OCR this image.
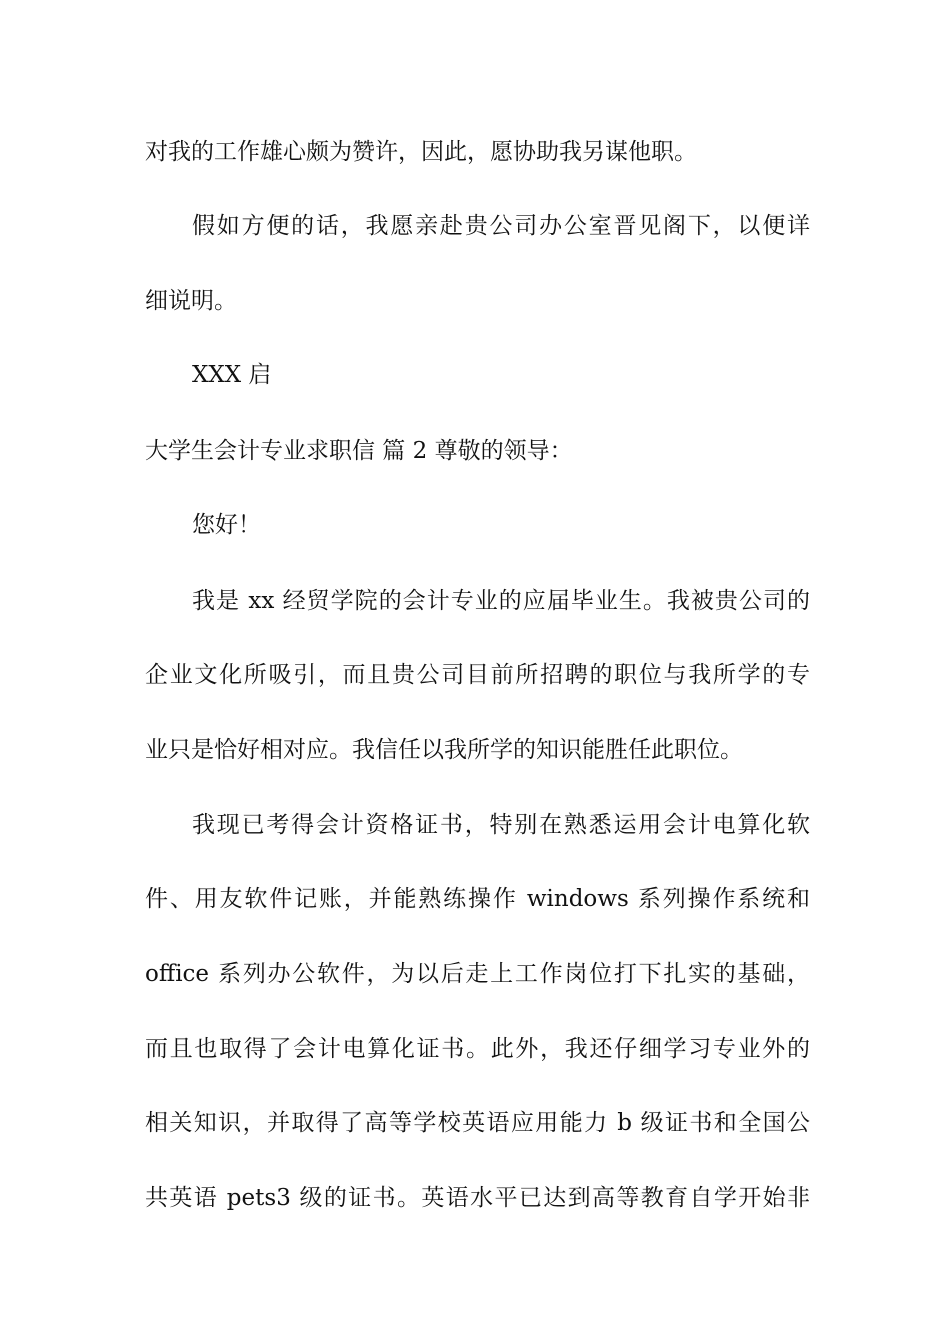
对我的工作雄心颇为赞许，因此，愿协助我另谋他职。
假如方便的话，我愿亲赴贵公司办公室晋见阁下，以便详
细说明。
XXX 启
大学生会计专业求职信 篇 2 尊敬的领导：
您好！
我是 xx 经贸学院的会计专业的应届毕业生。我被贵公司的
企业文化所吸引，而且贵公司目前所招聘的职位与我所学的专
业只是恰好相对应。我信任以我所学的知识能胜任此职位。
我现已考得会计资格证书，特别在熟悉运用会计电算化软
件、用友软件记账，并能熟练操作 windows 系列操作系统和
office 系列办公软件，为以后走上工作岗位打下扎实的基础，
而且也取得了会计电算化证书。此外，我还仔细学习专业外的
相关知识，并取得了高等学校英语应用能力 b 级证书和全国公
共英语 pets3 级的证书。英语水平已达到高等教育自学开始非
